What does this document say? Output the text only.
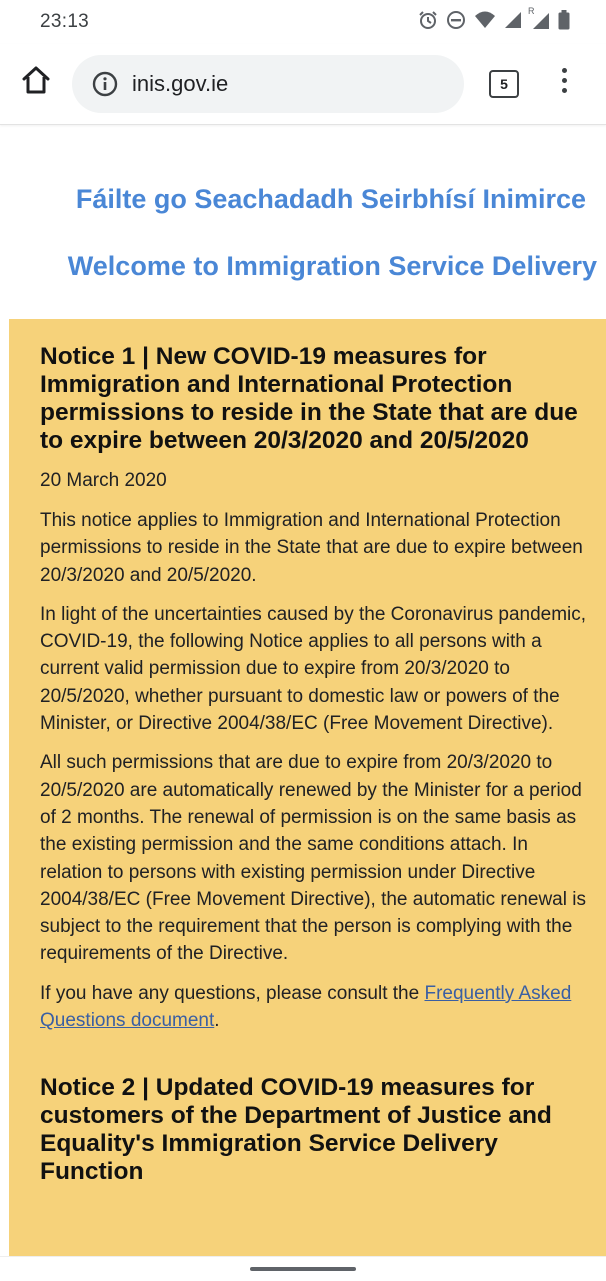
23:13	R
inis.gov.ie	5
Fáilte go Seachadadh Seirbhísí Inimirce
Welcome to Immigration Service Delivery
Notice 1 | New COVID-19 measures for Immigration and International Protection permissions to reside in the State that are due to expire between 20/3/2020 and 20/5/2020

20 March 2020

This notice applies to Immigration and International Protection permissions to reside in the State that are due to expire between 20/3/2020 and 20/5/2020.

In light of the uncertainties caused by the Coronavirus pandemic, COVID-19, the following Notice applies to all persons with a current valid permission due to expire from 20/3/2020 to 20/5/2020, whether pursuant to domestic law or powers of the Minister, or Directive 2004/38/EC (Free Movement Directive).

All such permissions that are due to expire from 20/3/2020 to 20/5/2020 are automatically renewed by the Minister for a period of 2 months. The renewal of permission is on the same basis as the existing permission and the same conditions attach. In relation to persons with existing permission under Directive 2004/38/EC (Free Movement Directive), the automatic renewal is subject to the requirement that the person is complying with the requirements of the Directive.

If you have any questions, please consult the Frequently Asked Questions document.

Notice 2 | Updated COVID-19 measures for customers of the Department of Justice and Equality's Immigration Service Delivery Function
